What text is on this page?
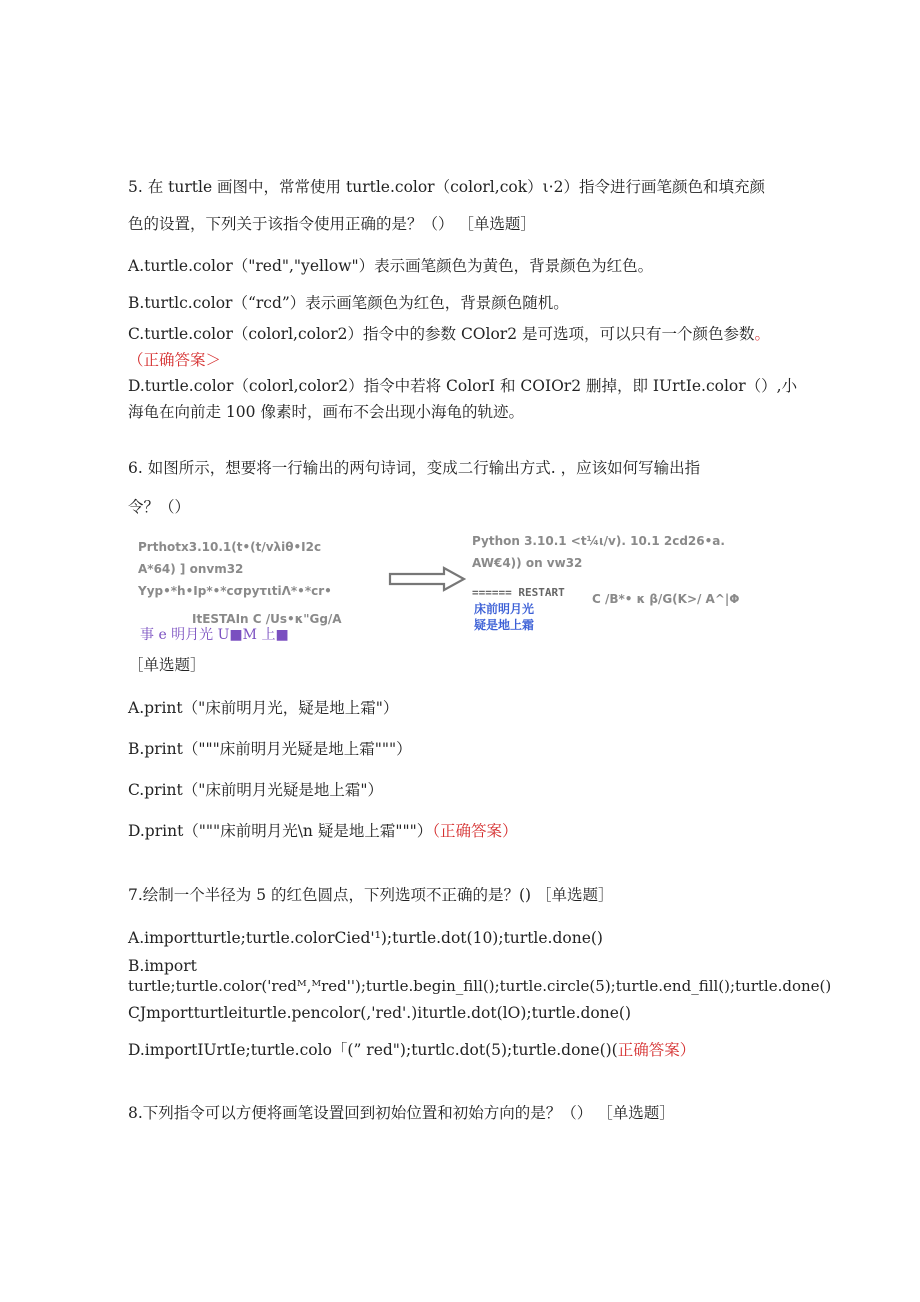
5. 在 turtle 画图中，常常使用 turtle.color（colorl,cok）ι·2）指令进行画笔颜色和填充颜
色的设置，下列关于该指令使用正确的是？（） ［单选题］
A.turtle.color（"red","yellow"）表示画笔颜色为黄色，背景颜色为红色。
B.turtlc.color（“rcd”）表示画笔颜色为红色，背景颜色随机。
C.turtle.color（colorl,color2）指令中的参数 COlor2 是可选项，可以只有一个颜色参数。
（正确答案＞
D.turtle.color（colorl,color2）指令中若将 ColorI 和 COIOr2 删掉，即 IUrtIe.color（）,小
海龟在向前走 100 像素时，画布不会出现小海龟的轨迹。
6. 如图所示，想要将一行输出的两句诗词，变成二行输出方式. ，应该如何写输出指
令？（）
Prthotx3.10.1(t•(t/vλiθ•I2c
A*64) ] onvm32
Yyp•*h•Ip*•*cσpyτιtiΛ*•*cr•
ItESTAIn C /Us•κ"Gg/A
事 e 明月光 U■M 上■
Python 3.10.1 <t¼ι/v). 10.1 2cd26•a.
AW€4)) on vw32
====== RESTART C /B*• κ β/G(K>/ A^|Φ
床前明月光
疑是地上霜
［单选题］
A.print（"床前明月光，疑是地上霜"）
B.print（"""床前明月光疑是地上霜"""）
C.print（"床前明月光疑是地上霜"）
D.print（"""床前明月光\n 疑是地上霜"""）（正确答案）
7.绘制一个半径为 5 的红色圆点，下列选项不正确的是？() ［单选题］
A.importturtle;turtle.colorCied'¹);turtle.dot(10);turtle.done()
B.import
turtle;turtle.color('redᴹ,ᴹred'');turtle.begin_fill();turtle.circle(5);turtle.end_fill();turtle.done()
CJmportturtleiturtle.pencolor(,'red'.)iturtle.dot(lO);turtle.done()
D.importIUrtIe;turtle.colo「(” red");turtlc.dot(5);turtle.done()(正确答案）
8.下列指令可以方便将画笔设置回到初始位置和初始方向的是？（） ［单选题］
